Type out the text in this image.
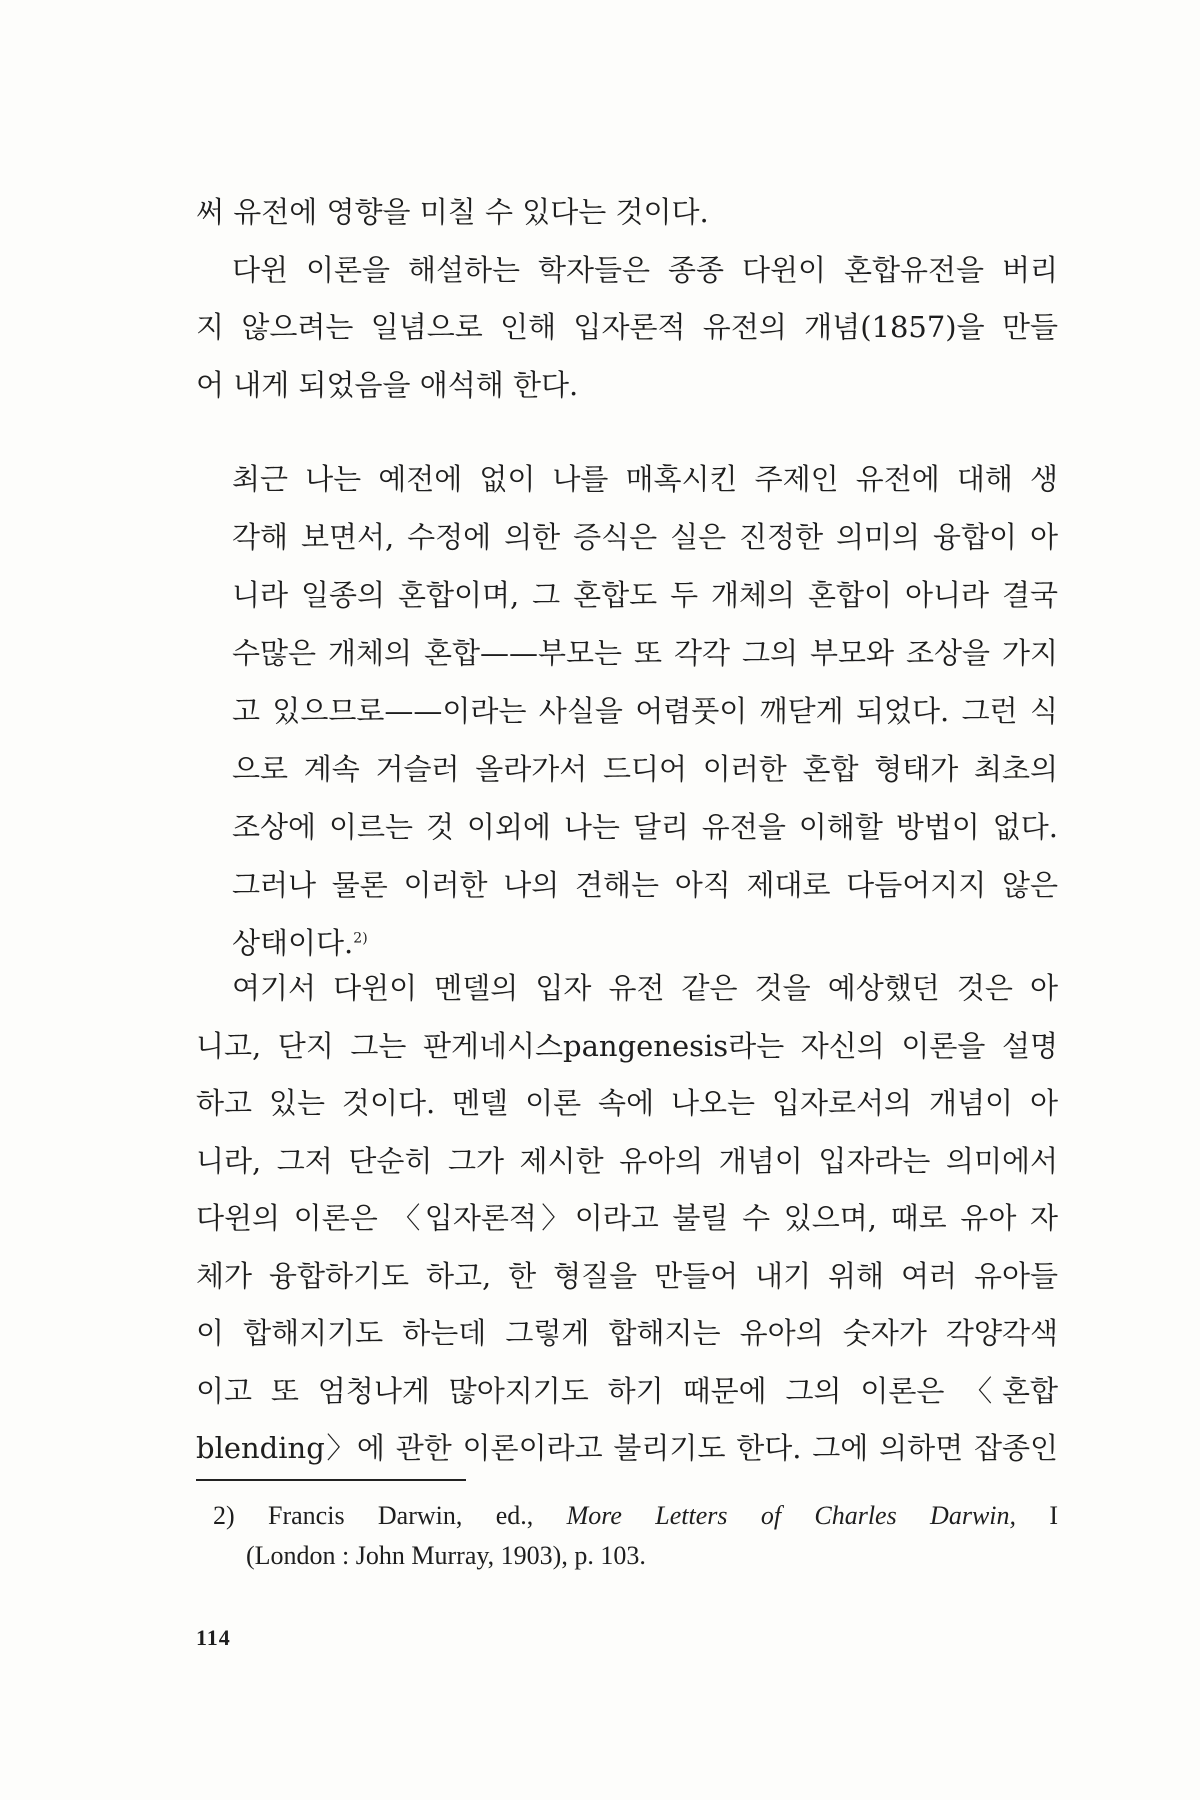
써 유전에 영향을 미칠 수 있다는 것이다.
다윈 이론을 해설하는 학자들은 종종 다윈이 혼합유전을 버리
지 않으려는 일념으로 인해 입자론적 유전의 개념(1857)을 만들
어 내게 되었음을 애석해 한다.
최근 나는 예전에 없이 나를 매혹시킨 주제인 유전에 대해 생
각해 보면서, 수정에 의한 증식은 실은 진정한 의미의 융합이 아
니라 일종의 혼합이며, 그 혼합도 두 개체의 혼합이 아니라 결국
수많은 개체의 혼합——부모는 또 각각 그의 부모와 조상을 가지
고 있으므로——이라는 사실을 어렴풋이 깨닫게 되었다. 그런 식
으로 계속 거슬러 올라가서 드디어 이러한 혼합 형태가 최초의
조상에 이르는 것 이외에 나는 달리 유전을 이해할 방법이 없다.
그러나 물론 이러한 나의 견해는 아직 제대로 다듬어지지 않은
상태이다.$^{2)}$
여기서 다윈이 멘델의 입자 유전 같은 것을 예상했던 것은 아
니고, 단지 그는 판게네시스pangenesis라는 자신의 이론을 설명
하고 있는 것이다. 멘델 이론 속에 나오는 입자로서의 개념이 아
니라, 그저 단순히 그가 제시한 유아의 개념이 입자라는 의미에서
다윈의 이론은 〈입자론적〉이라고 불릴 수 있으며, 때로 유아 자
체가 융합하기도 하고, 한 형질을 만들어 내기 위해 여러 유아들
이 합해지기도 하는데 그렇게 합해지는 유아의 숫자가 각양각색
이고 또 엄청나게 많아지기도 하기 때문에 그의 이론은 〈혼합
blending〉에 관한 이론이라고 불리기도 한다. 그에 의하면 잡종인
2) Francis Darwin, ed., More Letters of Charles Darwin, I
(London : John Murray, 1903), p. 103.
114
